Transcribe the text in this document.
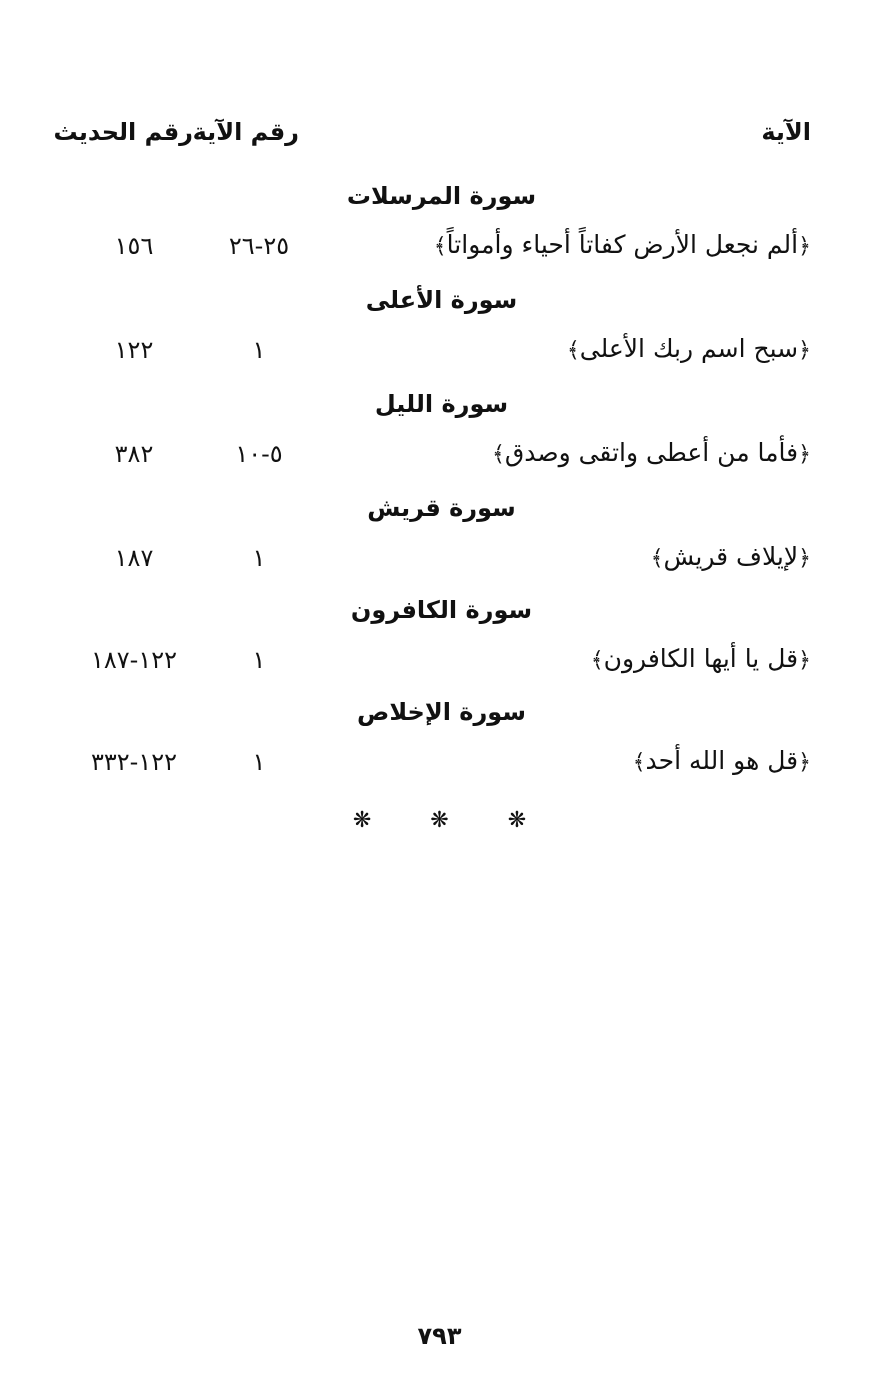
الآية
رقم الآية
رقم الحديث
سورة المرسلات
﴿ألم نجعل الأرض كفاتاً أحياء وأمواتاً﴾
٢٥-٢٦
١٥٦
سورة الأعلى
﴿سبح اسم ربك الأعلى﴾
١
١٢٢
سورة الليل
﴿فأما من أعطى واتقى وصدق﴾
٥-١٠
٣٨٢
سورة قريش
﴿لإيلاف قريش﴾
١
١٨٧
سورة الكافرون
﴿قل يا أيها الكافرون﴾
١
١٢٢-١٨٧
سورة الإخلاص
﴿قل هو الله أحد﴾
١
١٢٢-٣٣٢
❋ ❋ ❋
٧٩٣
